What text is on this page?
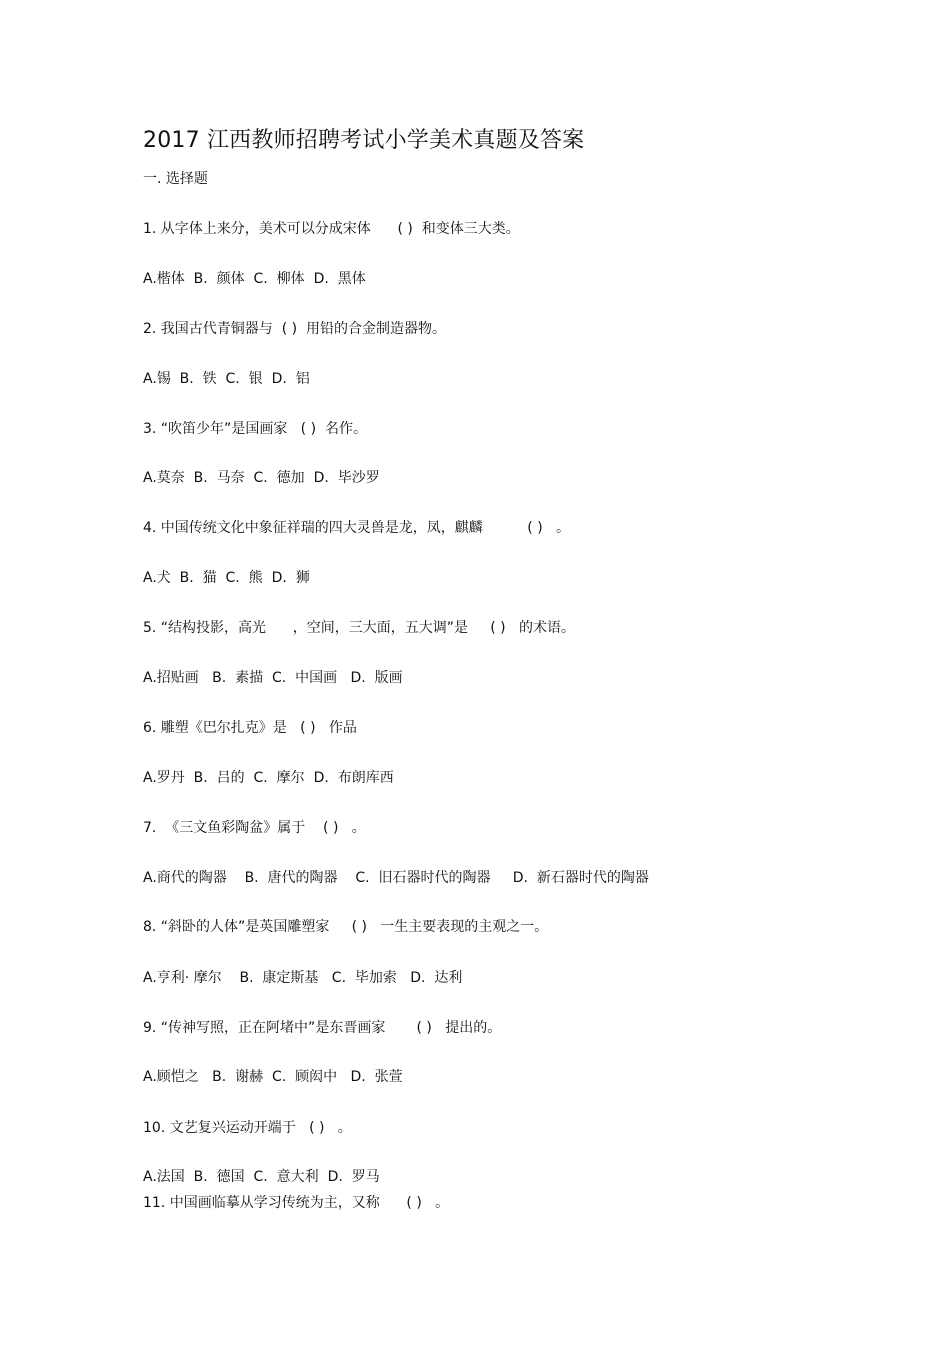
2017 江西教师招聘考试小学美术真题及答案
一. 选择题
1. 从字体上来分，美术可以分成宋体      ( )  和变体三大类。
A.楷体  B.  颜体  C.  柳体  D.  黑体
2. 我国古代青铜器与  ( )  用铅的合金制造器物。
A.锡  B.  铁  C.  银  D.  铝
3. “吹笛少年”是国画家   ( )  名作。
A.莫奈  B.  马奈  C.  德加  D.  毕沙罗
4. 中国传统文化中象征祥瑞的四大灵兽是龙，凤，麒麟          ( )   。
A.犬  B.  猫  C.  熊  D.  狮
5. “结构投影，高光      ，空间，三大面，五大调”是     ( )   的术语。
A.招贴画   B.  素描  C.  中国画   D.  版画
6. 雕塑《巴尔扎克》是   ( )   作品
A.罗丹  B.  吕的  C.  摩尔  D.  布朗库西
7.  《三文鱼彩陶盆》属于    ( )   。
A.商代的陶器    B.  唐代的陶器    C.  旧石器时代的陶器     D.  新石器时代的陶器
8. “斜卧的人体”是英国雕塑家     ( )   一生主要表现的主观之一。
A.亨利· 摩尔    B.  康定斯基   C.  毕加索   D.  达利
9. “传神写照，正在阿堵中”是东晋画家       ( )   提出的。
A.顾恺之   B.  谢赫  C.  顾闳中   D.  张萱
10. 文艺复兴运动开端于   ( )   。
A.法国  B.  德国  C.  意大利  D.  罗马
11. 中国画临摹从学习传统为主，又称      ( )   。
